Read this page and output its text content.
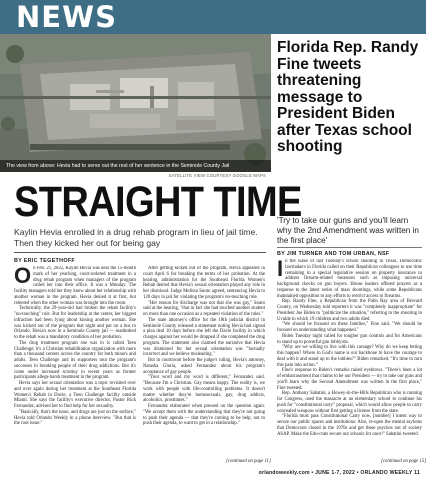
NEWS
The view from above: Hevia had to serve out the rest of her sentence in the Seminole County Jail
SATELLITE VIEW COURTESY GOOGLE MAPS
Florida Rep. Randy Fine tweets threatening message to President Biden after Texas school shooting
'Try to take our guns and you'll learn why the 2nd Amendment was written in the first place'
BY JIM TURNER AND TOM URBAN, NSF

In the wake of last Tuesday's school shooting in Texas, Democratic lawmakers in Florida called on their Republican colleagues to use time remaining in a special legislative session on property insurance to address firearm-related measures such as imposing universal background checks on gun buyers. House leaders offered prayers as a response to the latest series of mass shootings, while some Republicans maintained opposition to any efforts to restrict access to firearms.

Rep. Randy Fine, a Republican from the Palm Bay area of Brevard County, on Wednesday told reporters it was "completely inappropriate" for President Joe Biden to "politicize the situation," referring to the shooting in Uvalde in which 19 children and two adults died.

"We should be focused on these families," Fine said. "We should be focused on understanding what happened."

Biden Tuesday night called for tougher gun controls and for Americans to stand up to powerful gun lobbyists.

"Why are we willing to live with this carnage? Why do we keep letting this happen? Where in God's name is our backbone to have the courage to deal with it and stand up to the lobbies?" Biden remarked. "It's time to turn this pain into action."

Fine's response to Biden's remarks raised eyebrows. "There's been a lot of embarrassment that claims to be our President — try to take our guns and you'll learn why the Second Amendment was written in the first place," Fine tweeted.

Rep. Anthony Sabatini, a Howey-in-the-Hills Republican who is running for Congress, used the massacre at an elementary school to continue his push for "constitutional carry" proposal, which would allow people to carry concealed weapons without first getting a license from the state.

"Florida must pass Constitutional Carry now, [number] I intent way to secure our public spaces and institutions: Also, re-open the mental asylums that Democrats closed in the 1970s and get these psychos out of society ASAP. Make the Edu-crats secure our schools for once!" Sabatini tweeted.

[continued on page 15]
STRAIGHT TIME
Kaylin Hevia enrolled in a drug rehab program in lieu of jail time. Then they kicked her out for being gay
BY ERIC TEGETHOFF

On Feb. 21, 2022, Kaylin Hevia was near the 15-month mark of her yearlong, court-ordered treatment in a drug rehab program when managers of the program called her into their office. It was a Monday. The facility managers told her they knew about her relationship with another woman in the program. Hevia denied it at first, but relented when the other woman was brought into the room.

Technically, the 29-year-old had broken the rehab facility's "no-touching" rule. But for leadership at the center, her biggest infraction had been lying about kissing another woman. She was kicked out of the program that night and put on a bus to Orlando. Hevia's now in a Seminole County jail — readmitted to the rehab was a mandatory condition of her probation.

The drug treatment program she was in is called Teen Challenge; it's a Christian rehabilitation organization with more than a thousand centers across the country for both minors and adults. Teen Challenge and its supporters tout the program's successes in breaking people of their drug addictions. But it's come under increased scrutiny in recent years as former participants allege harsh treatment in the program.

Hevia says her sexual orientation was a topic revisited over and over again during her treatment at the Southeast Florida Women's Rehab in Davie, a Teen Challenge facility outside Miami. She says the facility's executive director, Pastor Rick Fernandez, advised her to find help for her sexuality.

"Basically, that's the issue, and drugs are just on the surface," Hevia told Orlando Weekly in a phone interview. "But that is the root issue."

After getting kicked out of the program, Hevia appeared in court April 6 for breaking the terms of her probation. At the hearing, administration for the Southeast Florida Women's Rehab denied that Hevia's sexual orientation played any role in her dismissal. Judge Melissa Souto agreed, sentencing Hevia to 120 days in jail for violating the program's no-touching rule.

"Her reason for discharge was not that she was gay," Souto said at the hearing, "that in fact she had touched another student on more than one occasion as a repeated violation of the rules."

The state attorney's office for the 18th judicial district in Seminole County released a statement noting Hevia had signed a plea deal 10 days before she left the Davie facility in which charges against her would be dropped if she completed the drug program. The statement also claimed the narrative that Hevia was dismissed for her sexual orientation was "factually incorrect and we believe misleading."

But in courtroom before the judge's ruling, Hevia's attorney, Natasha Gloria, asked Fernandez about his program's acceptance of gay people.

"Your word and my word is different," Fernandez said. "Because I'm a Christian. Gay means happy. The reality is, we work with people with life-controlling problems. It doesn't matter whether they're homosexuals, gay, drug addicts, alcoholics, prostitutes."

Fernandez elaborated when pressed on the question again. "We accept them with the understanding that they're not going to push their agenda — that they're coming to be help, not to push their agenda, to want to get in a relationship."

[continued on page 11]
orlandoweekly.com • JUNE 1-7, 2022 • ORLANDO WEEKLY 11
